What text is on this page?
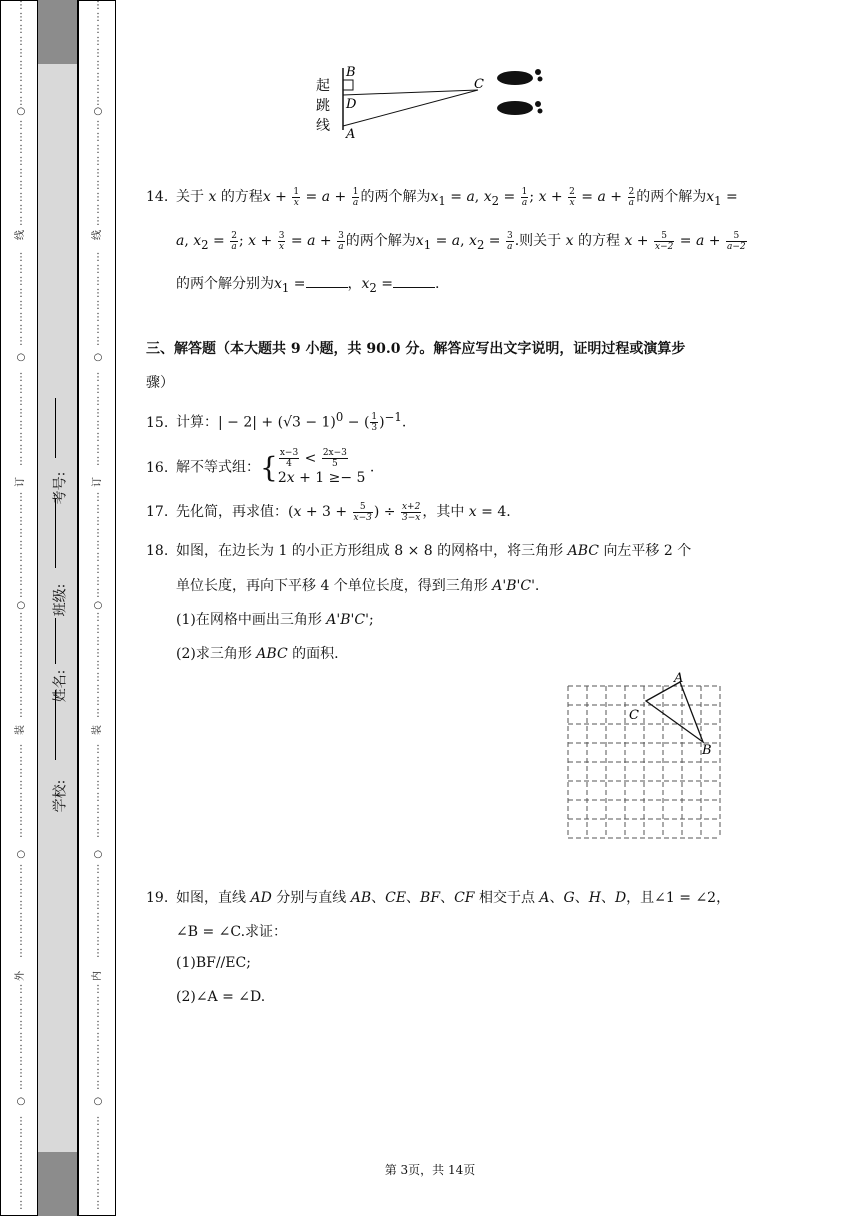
⋮
⋮
⋮
⋮
⋮
⋮
⋮
⋮
⋮
⋮
⋮
⋮
⋮
⋮
⋮
⋮
⋮
⋮
⋮
⋮
⋮
⋮
⋮
⋮
⋮
⋮
⋮
⋮
⋮
⋮
⋮
⋮
⋮
⋮
⋮
⋮
⋮
⋮
⋮
⋮
⋮
⋮
⋮
⋮
⋮
⋮
⋮
⋮
⋮
⋮
⋮
⋮
⋮
⋮
⋮
⋮
⋮
⋮
⋮
⋮
⋮
⋮
⋮
⋮
⋮
⋮
⋮
⋮
⋮
⋮
⋮
⋮
⋮
⋮
⋮
⋮
⋮
⋮
⋮
⋮
⋮
⋮
⋮
⋮
⋮
○
○
○
○
○
线
订
装
外
⋮
⋮
⋮
⋮
⋮
⋮
⋮
⋮
⋮
⋮
⋮
⋮
⋮
⋮
⋮
⋮
⋮
⋮
⋮
⋮
⋮
⋮
⋮
⋮
⋮
⋮
⋮
⋮
⋮
⋮
⋮
⋮
⋮
⋮
⋮
⋮
⋮
⋮
⋮
⋮
⋮
⋮
⋮
⋮
⋮
⋮
⋮
⋮
⋮
⋮
⋮
⋮
⋮
⋮
⋮
⋮
⋮
⋮
⋮
⋮
⋮
⋮
⋮
⋮
⋮
⋮
⋮
⋮
⋮
⋮
⋮
⋮
⋮
⋮
⋮
⋮
⋮
⋮
⋮
⋮
⋮
⋮
⋮
⋮
⋮
○
○
○
○
○
线
订
装
内
学校:
姓名:
班级:
考号:
起
跳
线
B
D
A
C
14. 关于 x 的方程$x + \frac{1}{x} = a + \frac{1}{a}$ 的两个解为$x_1 = a$, $x_2 = \frac{1}{a}$ ; $x + \frac{2}{x} = a + \frac{2}{a}$ 的两个解为$x_1$ =
a, $x_2 = \frac{2}{a}$ ; $x + \frac{3}{x} = a + \frac{3}{a}$ 的两个解为$x_1 = a$, $x_2 = \frac{3}{a}$ .则关于 x 的方程 $x + \frac{5}{x-2} = a + \frac{5}{a-2}$
的两个解分别为$x_1$ =	，$x_2$ =	.
三、解答题（本大题共 9 小题，共 90.0 分。解答应写出文字说明，证明过程或演算步
骤）
15. 计算：| − $2| + (√3 - 1)^0$ − ( $\frac{1}{3} )^{-1}$.
16. 解不等式组：{ $\frac{x-3}{4} < \frac{2x-3}{5}$

2x + 1 ≥− 5 .
17. 先化简，再求值：($x + 3 + \frac{5}{x-3}$ ) ÷ $\frac{x+2}{3-x}$ ，其中 x = 4.
18. 如图，在边长为 1 的小正方形组成 8 × 8 的网格中，将三角形 ABC 向左平移 2 个
单位长度，再向下平移 4 个单位长度，得到三角形 A'B'C'.
(1)在网格中画出三角形 A'B'C';
(2)求三角形 ABC 的面积.
A
C
B
19. 如图，直线 AD 分别与直线 AB、CE、BF、CF 相交于点 A、G、H、D，且∠1 = ∠2，
∠B = ∠C.求证：
(1)BF//EC;
(2)∠A = ∠D.
第 3页，共 14页
